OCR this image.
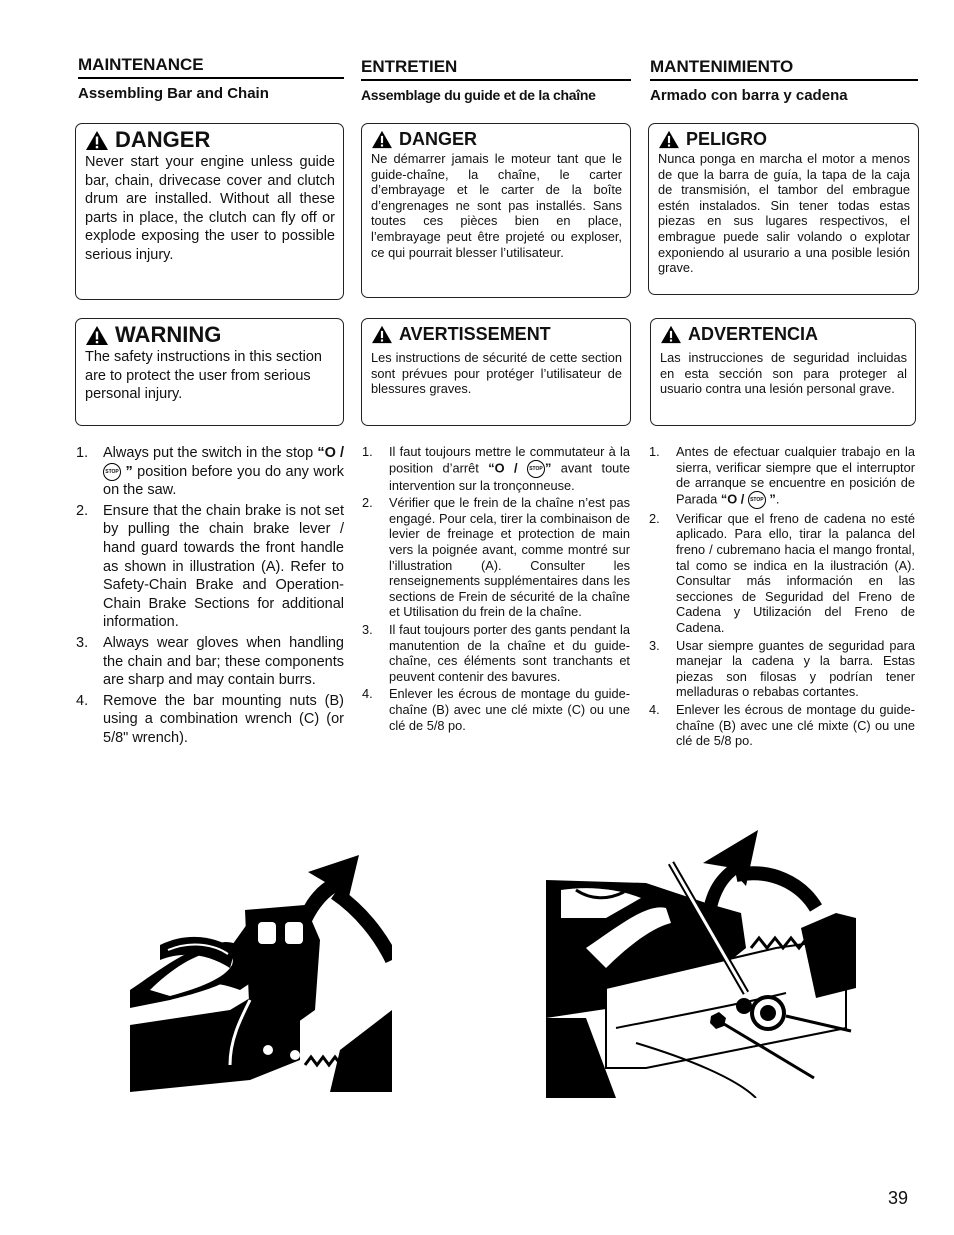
MAINTENANCE
Assembling Bar and Chain
ENTRETIEN
Assemblage du guide et de la chaîne
MANTENIMIENTO
Armado con barra y cadena
DANGER

Never start your engine unless guide bar, chain, drivecase cover and clutch drum are installed. Without all these parts in place, the clutch can fly off or explode exposing the user to possible serious injury.

DANGER

Ne démarrer jamais le moteur tant que le guide-chaîne, la chaîne, le carter d’embrayage et le carter de la boîte d’engrenages ne sont pas installés. Sans toutes ces pièces bien en place, l’embrayage peut être projeté ou exploser, ce qui pourrait blesser l’utilisateur.

PELIGRO

Nunca ponga en marcha el motor a menos de que la barra de guía, la tapa de la caja de transmisión, el tambor del embrague estén instalados. Sin tener todas estas piezas en sus lugares respectivos, el embrague puede salir volando o explotar exponiendo al usurario a una posible lesión grave.

WARNING

The safety instructions in this section are to protect the user from serious personal injury.

AVERTISSEMENT

Les instructions de sécurité de cette section sont prévues pour protéger l’utilisateur de blessures graves.

ADVERTENCIA

Las instrucciones de seguridad incluidas en esta sección son para proteger al usuario contra una lesión personal grave.

1. Always put the switch in the stop “O / STOP ” position before you do any work on the saw.
2. Ensure that the chain brake is not set by pulling the chain brake lever / hand guard towards the front handle as shown in illustration (A). Refer to Safety-Chain Brake and Operation-Chain Brake Sections for additional information.
3. Always wear gloves when handling the chain and bar; these components are sharp and may contain burrs.
4. Remove the bar mounting nuts (B) using a combination wrench (C) (or 5/8" wrench).
1. Il faut toujours mettre le commutateur à la position d’arrêt “O / STOP ” avant toute intervention sur la tronçonneuse.
2. Vérifier que le frein de la chaîne n’est pas engagé. Pour cela, tirer la combinaison de levier de freinage et protection de main vers la poignée avant, comme montré sur l’illustration (A). Consulter les renseignements supplémentaires dans les sections de Frein de sécurité de la chaîne et Utilisation du frein de la chaîne.
3. Il faut toujours porter des gants pendant la manutention de la chaîne et du guide-chaîne, ces éléments sont tranchants et peuvent contenir des bavures.
4. Enlever les écrous de montage du guide-chaîne (B) avec une clé mixte (C) ou une clé de 5/8 po.
1. Antes de efectuar cualquier trabajo en la sierra, verificar siempre que el interruptor de arranque se encuentre en posición de Parada “O / STOP ”.
2. Verificar que el freno de cadena no esté aplicado. Para ello, tirar la palanca del freno / cubremano hacia el mango frontal, tal como se indica en la ilustración (A). Consultar más información en las secciones de Seguridad del Freno de Cadena y Utilización del Freno de Cadena.
3. Usar siempre guantes de seguridad para manejar la cadena y la barra. Estas piezas son filosas y podrían tener melladuras o rebabas cortantes.
4. Enlever les écrous de montage du guide-chaîne (B) avec une clé mixte (C) ou une clé de 5/8 po.
39
